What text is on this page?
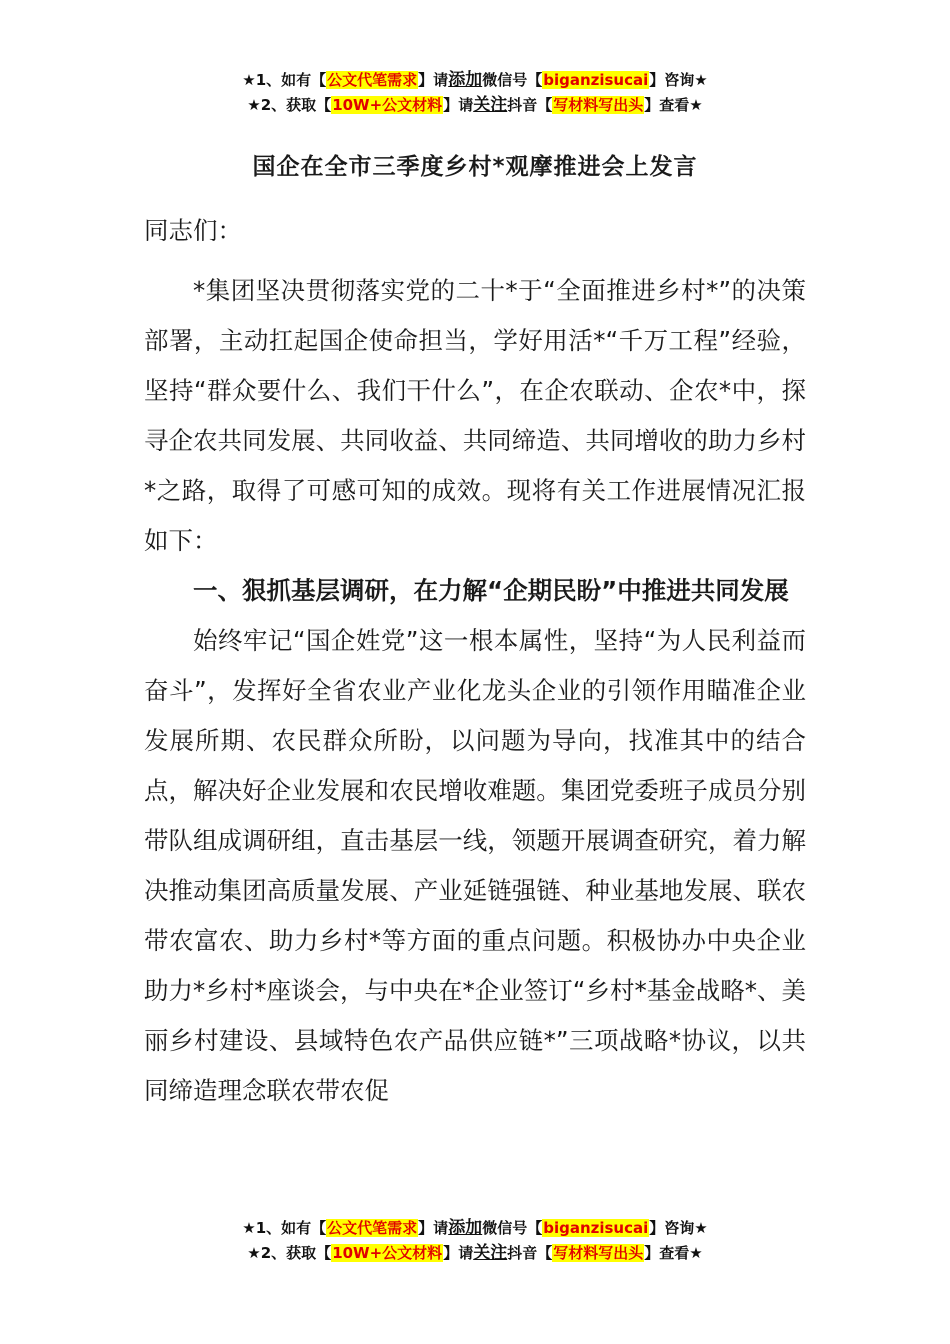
★1、如有【公文代笔需求】请添加微信号【biganzisucai】咨询★
★2、获取【10W+公文材料】请关注抖音【写材料写出头】查看★
国企在全市三季度乡村*观摩推进会上发言

同志们：

*集团坚决贯彻落实党的二十*于“全面推进乡村*”的决策部署，主动扛起国企使命担当，学好用活*“千万工程”经验，坚持“群众要什么、我们干什么”，在企农联动、企农*中，探寻企农共同发展、共同收益、共同缔造、共同增收的助力乡村*之路，取得了可感可知的成效。现将有关工作进展情况汇报如下：

一、狠抓基层调研，在力解“企期民盼”中推进共同发展

始终牢记“国企姓党”这一根本属性，坚持“为人民利益而奋斗”，发挥好全省农业产业化龙头企业的引领作用瞄准企业发展所期、农民群众所盼，以问题为导向，找准其中的结合点，解决好企业发展和农民增收难题。集团党委班子成员分别带队组成调研组，直击基层一线，领题开展调查研究，着力解决推动集团高质量发展、产业延链强链、种业基地发展、联农带农富农、助力乡村*等方面的重点问题。积极协办中央企业助力*乡村*座谈会，与中央在*企业签订“乡村*基金战略*、美丽乡村建设、县域特色农产品供应链*”三项战略*协议，以共同缔造理念联农带农促

★1、如有【公文代笔需求】请添加微信号【biganzisucai】咨询★
★2、获取【10W+公文材料】请关注抖音【写材料写出头】查看★
